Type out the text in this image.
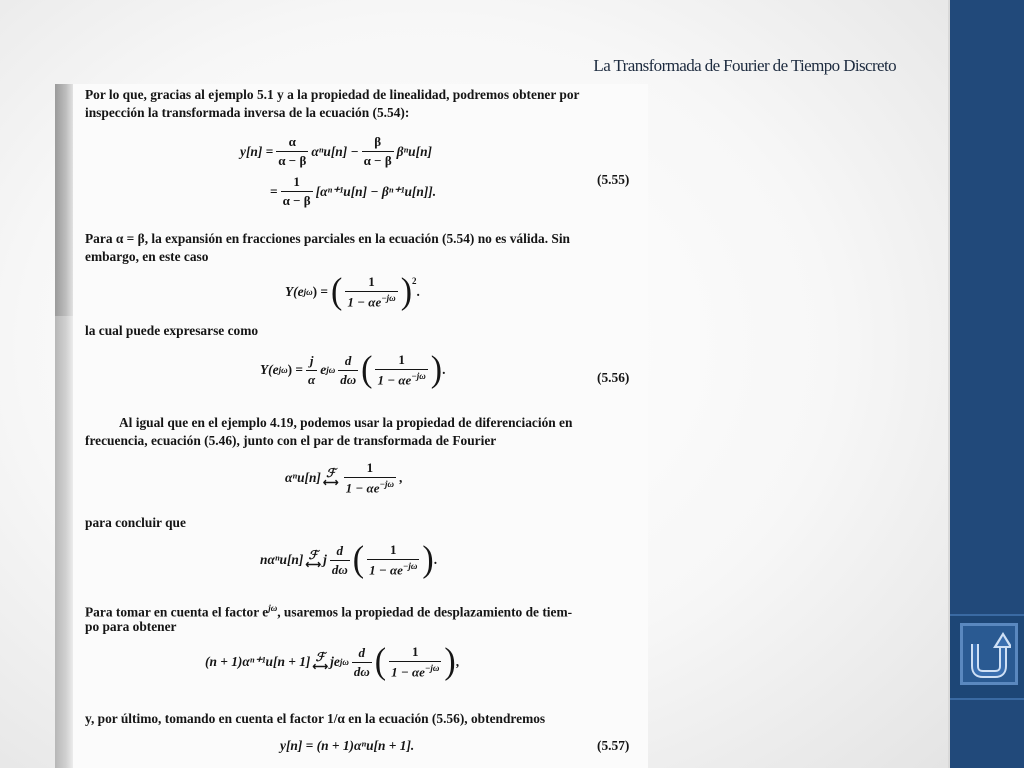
La Transformada de Fourier de Tiempo Discreto
Por lo que, gracias al ejemplo 5.1 y a la propiedad de linealidad, podremos obtener por
inspección la transformada inversa de la ecuación (5.54):
$y[n] = \frac{\alpha}{\alpha - \beta} \alpha^nu[n] - \frac{\beta}{\alpha - \beta} \beta^nu[n]$
= $\frac{1}{\alpha - \beta} [\alpha^{n+1}u[n] - \beta^{n+1}u[n]]$.
(5.55)
Para α = β, la expansión en fracciones parciales en la ecuación (5.54) no es válida. Sin
embargo, en este caso
Y(e jω ) = ( $\frac{1}{1 - \alpha e^{-j\omega}} )^2$
.
la cual puede expresarse como
Y(e jω ) = $\frac{j}{\alpha}$ e jω $\frac{d}{d\omega}$ ( $\frac{1}{1 - \alpha e^{-j\omega}}$ ) .
(5.56)
Al igual que en el ejemplo 4.19, podemos usar la propiedad de diferenciación en
frecuencia, ecuación (5.46), junto con el par de transformada de Fourier
αⁿu[n] ℱ
⟷ $\frac{1}{1 - \alpha e^{-j\omega}}$ ,
para concluir que
nαⁿu[n] ℱ
⟷ j $\frac{d}{d\omega}$ ( $\frac{1}{1 - \alpha e^{-j\omega}}$ ) .
Para tomar en cuenta el factor $e^{j\omega}$, usaremos la propiedad de desplazamiento de tiem-
po para obtener
(n + 1)αⁿ⁺¹u[n + 1] ℱ
⟷ je jω $\frac{d}{d\omega}$ ( $\frac{1}{1 - \alpha e^{-j\omega}}$ ) ,
y, por último, tomando en cuenta el factor 1/α en la ecuación (5.56), obtendremos
y[n] = (n + 1)αⁿu[n + 1].	(5.57)
